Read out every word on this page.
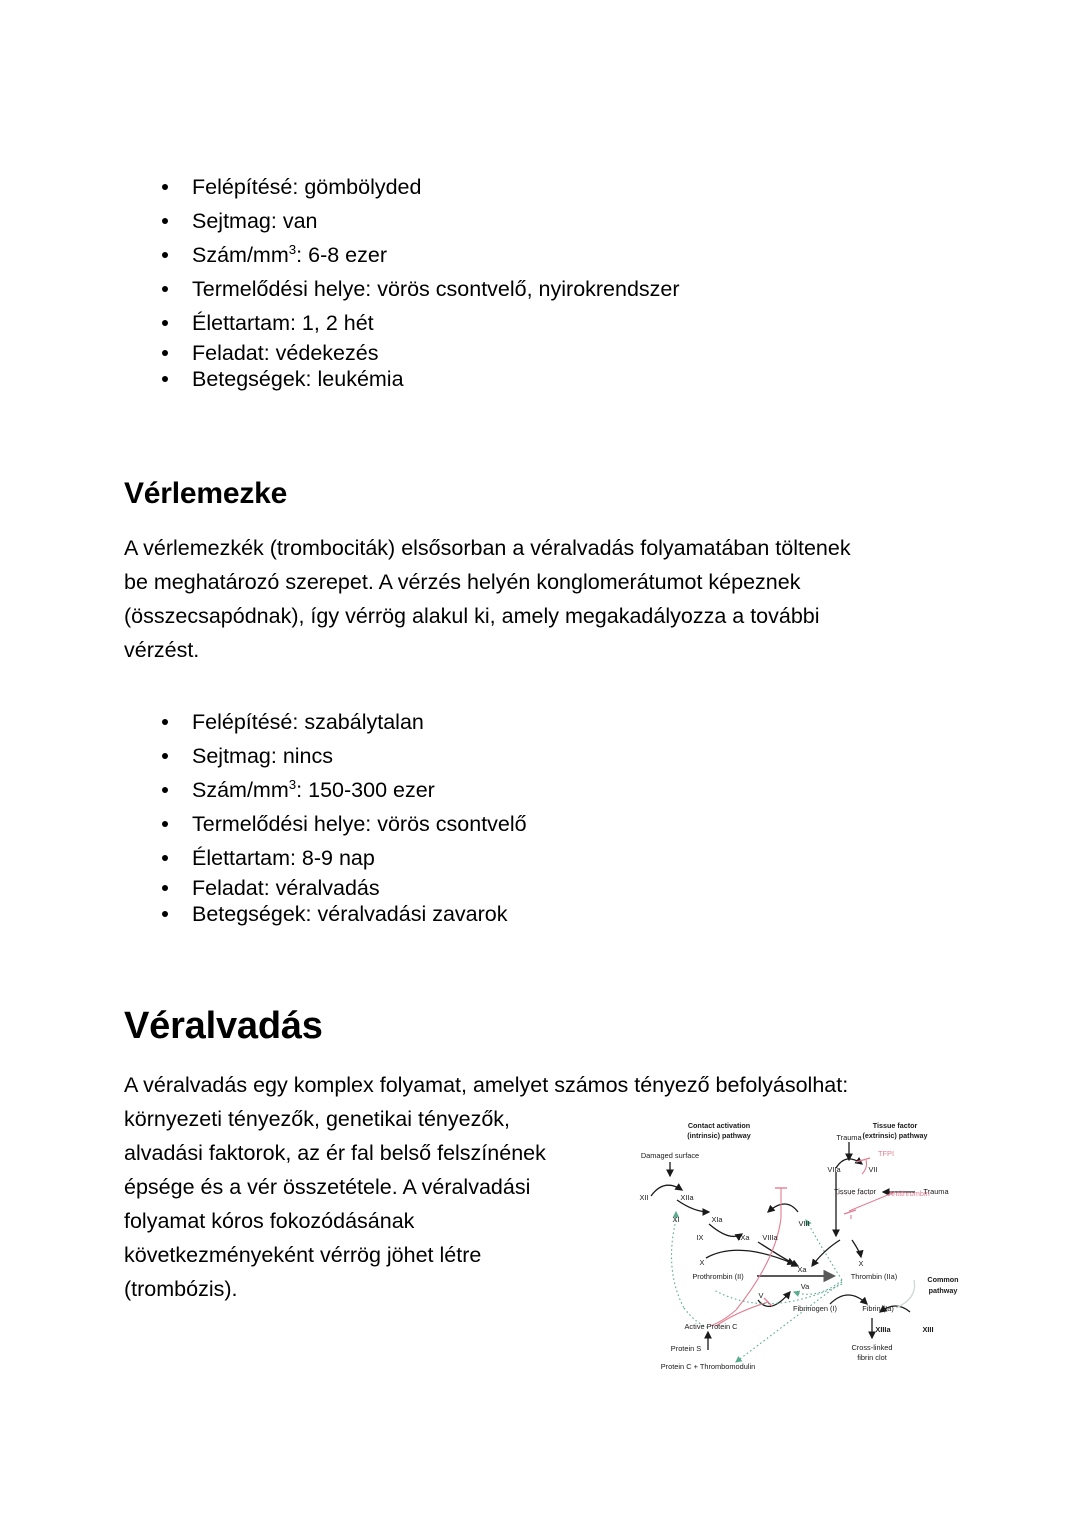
Felépítésé: gömbölyded
Sejtmag: van
Szám/$mm^3$: 6-8 ezer
Termelődési helye: vörös csontvelő, nyirokrendszer
Élettartam: 1, 2 hét
Feladat: védekezés
Betegségek: leukémia
Vérlemezke
A vérlemezkék (trombociták) elsősorban a véralvadás folyamatában töltenek
be meghatározó szerepet. A vérzés helyén konglomerátumot képeznek
(összecsapódnak), így vérrög alakul ki, amely megakadályozza a további
vérzést.
Felépítésé: szabálytalan
Sejtmag: nincs
Szám/$mm^3$: 150-300 ezer
Termelődési helye: vörös csontvelő
Élettartam: 8-9 nap
Feladat: véralvadás
Betegségek: véralvadási zavarok
Véralvadás
A véralvadás egy komplex folyamat, amelyet számos tényező befolyásolhat:
környezeti tényezők, genetikai tényezők,
alvadási faktorok, az ér fal belső felszínének
épsége és a vér összetétele. A véralvadási
folyamat kóros fokozódásának
következményeként vérrög jöhet létre
(trombózis).
Contact activation
(intrinsic) pathway
Tissue factor
(extrinsic) pathway
Common
pathway
Damaged surface
XII	XIIa
XI	XIa
IX	IXa VIIIa
VIII
X
Prothrombin (II)
Xa
Va
V
Active Protein C
Protein S
Protein C + Thrombomodulin
Trauma
VIIa	VII
Tissue factor	Trauma
X
Thrombin (IIa)
Fibrinogen (I)	Fibrin (Ia)
XIIIa	XIII
Cross-linked
fibrin clot
TFPI
Antithrombin
